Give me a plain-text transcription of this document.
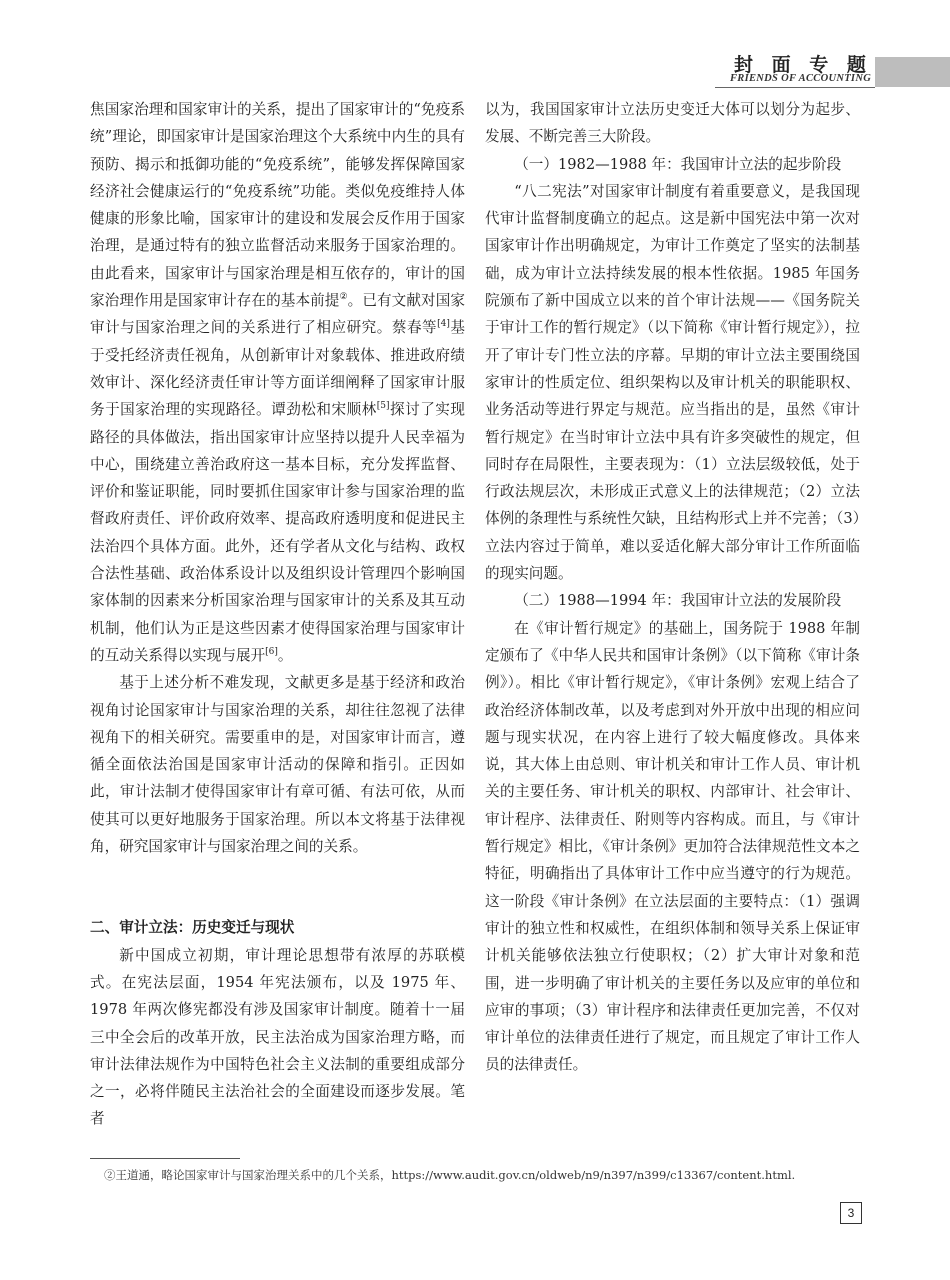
封 面 专 题
FRIENDS OF ACCOUNTING

焦国家治理和国家审计的关系，提出了国家审计的“免疫系统”理论，即国家审计是国家治理这个大系统中内生的具有预防、揭示和抵御功能的“免疫系统”，能够发挥保障国家经济社会健康运行的“免疫系统”功能。类似免疫维持人体健康的形象比喻，国家审计的建设和发展会反作用于国家治理，是通过特有的独立监督活动来服务于国家治理的。由此看来，国家审计与国家治理是相互依存的，审计的国家治理作用是国家审计存在的基本前提②。已有文献对国家审计与国家治理之间的关系进行了相应研究。蔡春等[4]基于受托经济责任视角，从创新审计对象载体、推进政府绩效审计、深化经济责任审计等方面详细阐释了国家审计服务于国家治理的实现路径。谭劲松和宋顺林[5]探讨了实现路径的具体做法，指出国家审计应坚持以提升人民幸福为中心，围绕建立善治政府这一基本目标，充分发挥监督、评价和鉴证职能，同时要抓住国家审计参与国家治理的监督政府责任、评价政府效率、提高政府透明度和促进民主法治四个具体方面。此外，还有学者从文化与结构、政权合法性基础、政治体系设计以及组织设计管理四个影响国家体制的因素来分析国家治理与国家审计的关系及其互动机制，他们认为正是这些因素才使得国家治理与国家审计的互动关系得以实现与展开[6]。

基于上述分析不难发现，文献更多是基于经济和政治视角讨论国家审计与国家治理的关系，却往往忽视了法律视角下的相关研究。需要重申的是，对国家审计而言，遵循全面依法治国是国家审计活动的保障和指引。正因如此，审计法制才使得国家审计有章可循、有法可依，从而使其可以更好地服务于国家治理。所以本文将基于法律视角，研究国家审计与国家治理之间的关系。

二、审计立法：历史变迁与现状

新中国成立初期，审计理论思想带有浓厚的苏联模式。在宪法层面，1954 年宪法颁布，以及 1975 年、1978 年两次修宪都没有涉及国家审计制度。随着十一届三中全会后的改革开放，民主法治成为国家治理方略，而审计法律法规作为中国特色社会主义法制的重要组成部分之一，必将伴随民主法治社会的全面建设而逐步发展。笔者

以为，我国国家审计立法历史变迁大体可以划分为起步、发展、不断完善三大阶段。

（一）1982—1988 年：我国审计立法的起步阶段

“八二宪法”对国家审计制度有着重要意义，是我国现代审计监督制度确立的起点。这是新中国宪法中第一次对国家审计作出明确规定，为审计工作奠定了坚实的法制基础，成为审计立法持续发展的根本性依据。1985 年国务院颁布了新中国成立以来的首个审计法规——《国务院关于审计工作的暂行规定》（以下简称《审计暂行规定》），拉开了审计专门性立法的序幕。早期的审计立法主要围绕国家审计的性质定位、组织架构以及审计机关的职能职权、业务活动等进行界定与规范。应当指出的是，虽然《审计暂行规定》在当时审计立法中具有许多突破性的规定，但同时存在局限性，主要表现为：（1）立法层级较低，处于行政法规层次，未形成正式意义上的法律规范；（2）立法体例的条理性与系统性欠缺，且结构形式上并不完善；（3）立法内容过于简单，难以妥适化解大部分审计工作所面临的现实问题。

（二）1988—1994 年：我国审计立法的发展阶段

在《审计暂行规定》的基础上，国务院于 1988 年制定颁布了《中华人民共和国审计条例》（以下简称《审计条例》）。相比《审计暂行规定》，《审计条例》宏观上结合了政治经济体制改革，以及考虑到对外开放中出现的相应问题与现实状况，在内容上进行了较大幅度修改。具体来说，其大体上由总则、审计机关和审计工作人员、审计机关的主要任务、审计机关的职权、内部审计、社会审计、审计程序、法律责任、附则等内容构成。而且，与《审计暂行规定》相比，《审计条例》更加符合法律规范性文本之特征，明确指出了具体审计工作中应当遵守的行为规范。这一阶段《审计条例》在立法层面的主要特点：（1）强调审计的独立性和权威性，在组织体制和领导关系上保证审计机关能够依法独立行使职权；（2）扩大审计对象和范围，进一步明确了审计机关的主要任务以及应审的单位和应审的事项；（3）审计程序和法律责任更加完善，不仅对审计单位的法律责任进行了规定，而且规定了审计工作人员的法律责任。

②王道通，略论国家审计与国家治理关系中的几个关系，https://www.audit.gov.cn/oldweb/n9/n397/n399/c13367/content.html.
3
